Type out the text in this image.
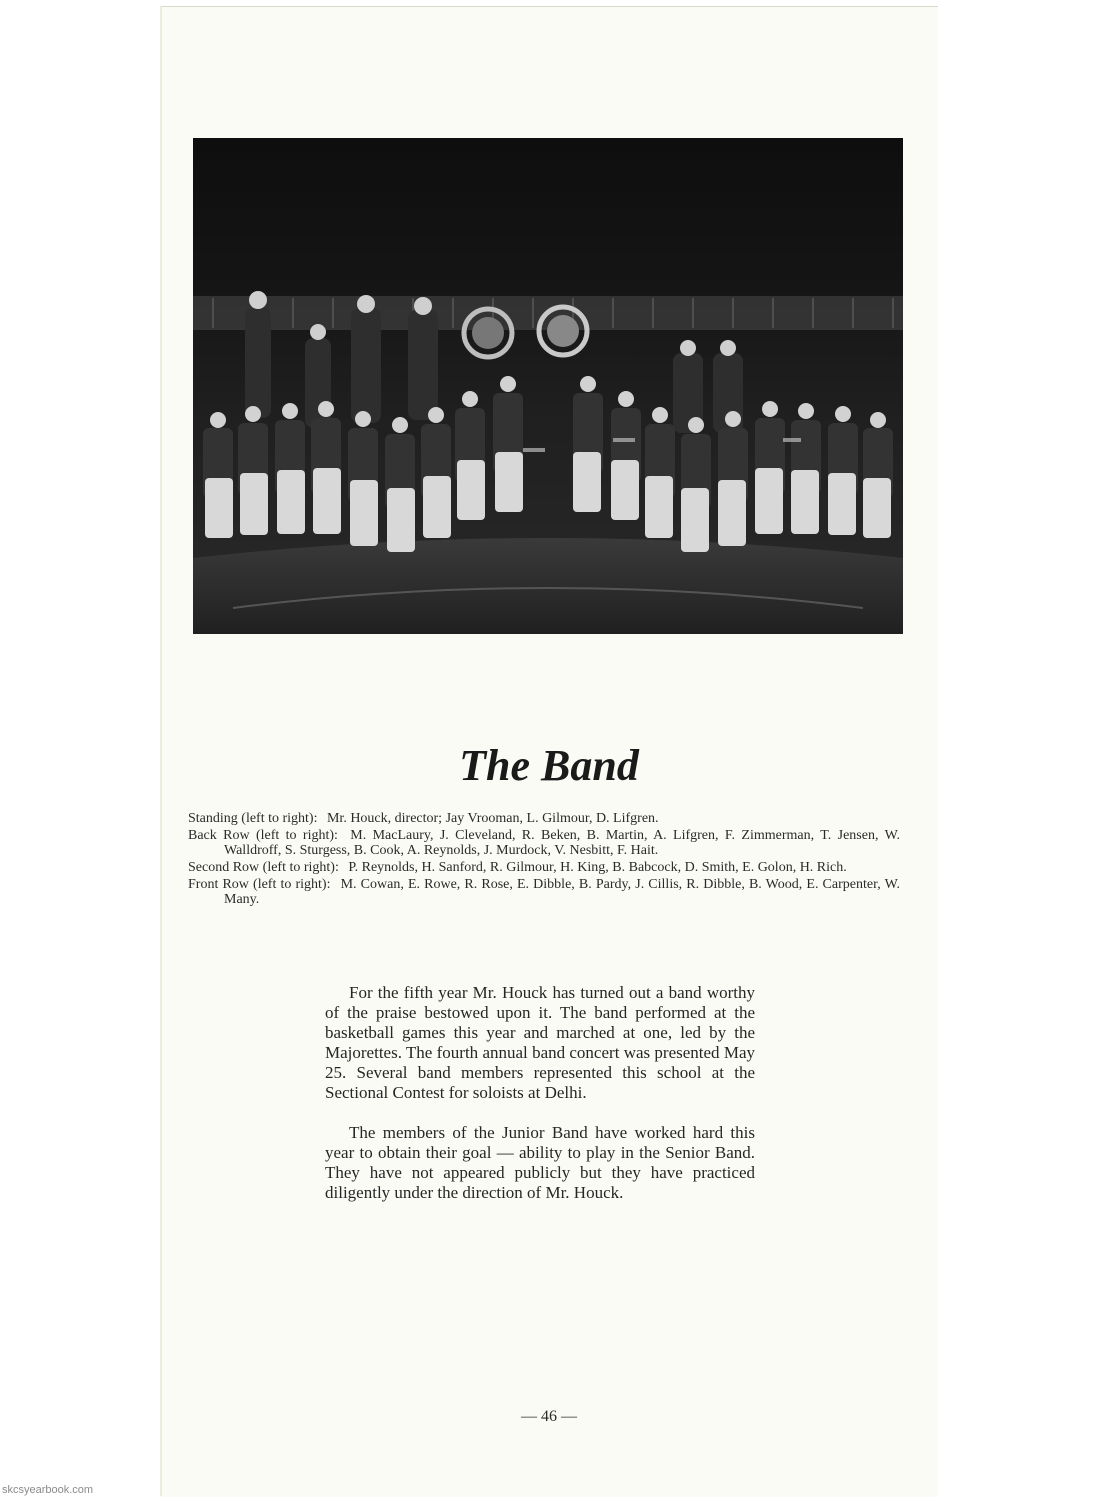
The Band

Standing (left to right): Mr. Houck, director; Jay Vrooman, L. Gilmour, D. Lifgren.

Back Row (left to right): M. MacLaury, J. Cleveland, R. Beken, B. Martin, A. Lifgren, F. Zimmerman, T. Jensen, W. Walldroff, S. Sturgess, B. Cook, A. Reynolds, J. Murdock, V. Nesbitt, F. Hait.

Second Row (left to right): P. Reynolds, H. Sanford, R. Gilmour, H. King, B. Babcock, D. Smith, E. Golon, H. Rich.

Front Row (left to right): M. Cowan, E. Rowe, R. Rose, E. Dibble, B. Pardy, J. Cillis, R. Dibble, B. Wood, E. Carpenter, W. Many.

For the fifth year Mr. Houck has turned out a band worthy of the praise bestowed upon it. The band performed at the basketball games this year and marched at one, led by the Majorettes. The fourth annual band concert was presented May 25. Several band members represented this school at the Sectional Contest for soloists at Delhi.

The members of the Junior Band have worked hard this year to obtain their goal — ability to play in the Senior Band. They have not appeared publicly but they have practiced diligently under the direction of Mr. Houck.

— 46 —
skcsyearbook.com
